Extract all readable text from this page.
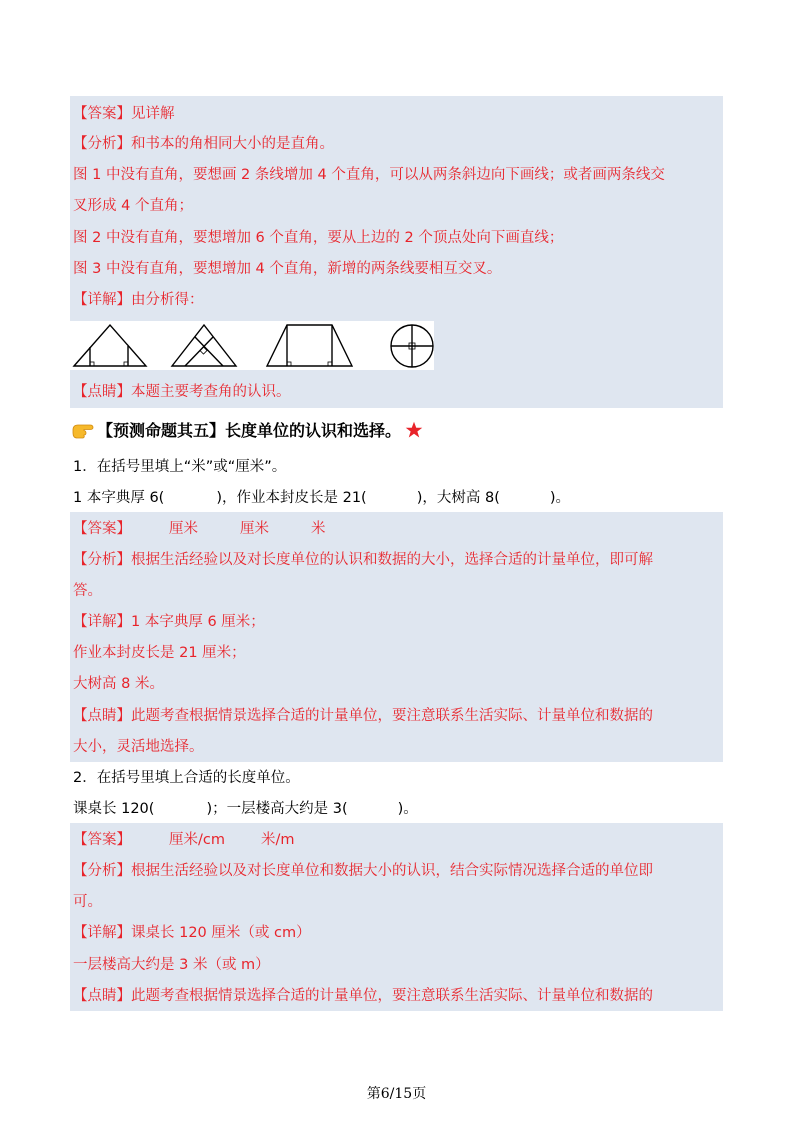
【答案】见详解
【分析】和书本的角相同大小的是直角。
图 1 中没有直角，要想画 2 条线增加 4 个直角，可以从两条斜边向下画线；或者画两条线交
叉形成 4 个直角；
图 2 中没有直角，要想增加 6 个直角，要从上边的 2 个顶点处向下画直线；
图 3 中没有直角，要想增加 4 个直角，新增的两条线要相互交叉。
【详解】由分析得：
【点睛】本题主要考查角的认识。
【预测命题其五】长度单位的认识和选择。
1．在括号里填上“米”或“厘米”。
1 本字典厚 6(	)，作业本封皮长是 21(	)，大树高 8(	)。
【答案】	厘米	厘米	米
【分析】根据生活经验以及对长度单位的认识和数据的大小，选择合适的计量单位，即可解
答。
【详解】1 本字典厚 6 厘米；
作业本封皮长是 21 厘米；
大树高 8 米。
【点睛】此题考查根据情景选择合适的计量单位，要注意联系生活实际、计量单位和数据的
大小，灵活地选择。
2．在括号里填上合适的长度单位。
课桌长 120(	)；一层楼高大约是 3(	)。
【答案】	厘米/cm 米/m
【分析】根据生活经验以及对长度单位和数据大小的认识，结合实际情况选择合适的单位即
可。
【详解】课桌长 120 厘米（或 cm）
一层楼高大约是 3 米（或 m）
【点睛】此题考查根据情景选择合适的计量单位，要注意联系生活实际、计量单位和数据的
第6/15页
